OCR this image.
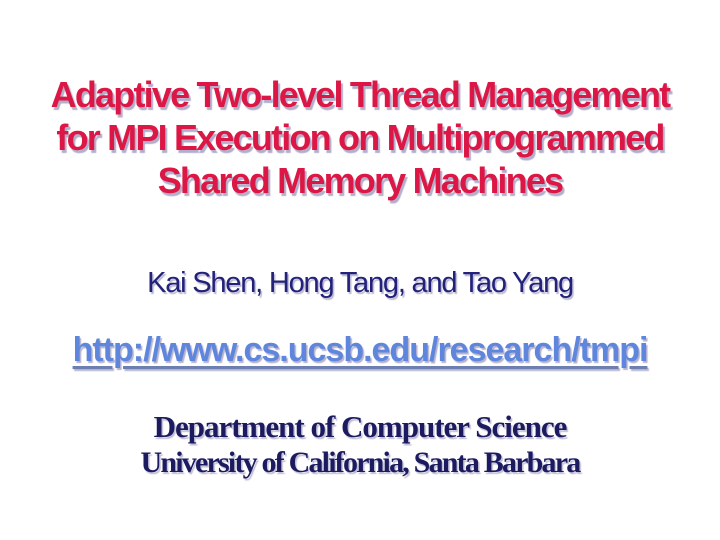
Adaptive Two-level Thread Management
for MPI Execution on Multiprogrammed
Shared Memory Machines

Kai Shen, Hong Tang, and Tao Yang

http://www.cs.ucsb.edu/research/tmpi

Department of Computer Science

University of California, Santa Barbara
